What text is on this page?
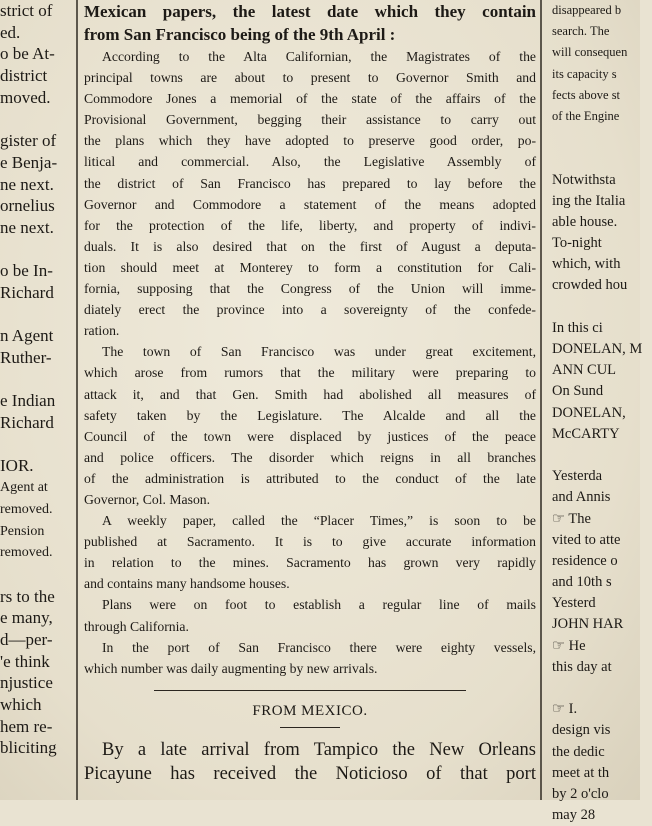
strict of

ed.

o be At-

district

moved.

gister of

e Benja-

ne next.

ornelius

ne next.

o be In-

Richard

n Agent

Ruther-

e Indian

Richard

IOR.

Agent at

removed.

Pension

removed.

rs to the

e many,

d—per-

'e think

njustice

which

hem re-

bliciting

Mexican papers, the latest date which they contain

from San Francisco being of the 9th April :

According to the Alta Californian, the Magistrates of the

principal towns are about to present to Governor Smith and

Commodore Jones a memorial of the state of the affairs of the

Provisional Government, begging their assistance to carry out

the plans which they have adopted to preserve good order, po-

litical and commercial. Also, the Legislative Assembly of

the district of San Francisco has prepared to lay before the

Governor and Commodore a statement of the means adopted

for the protection of the life, liberty, and property of indivi-

duals. It is also desired that on the first of August a deputa-

tion should meet at Monterey to form a constitution for Cali-

fornia, supposing that the Congress of the Union will imme-

diately erect the province into a sovereignty of the confede-

ration.

The town of San Francisco was under great excitement,

which arose from rumors that the military were preparing to

attack it, and that Gen. Smith had abolished all measures of

safety taken by the Legislature. The Alcalde and all the

Council of the town were displaced by justices of the peace

and police officers. The disorder which reigns in all branches

of the administration is attributed to the conduct of the late

Governor, Col. Mason.

A weekly paper, called the “Placer Times,” is soon to be

published at Sacramento. It is to give accurate information

in relation to the mines. Sacramento has grown very rapidly

and contains many handsome houses.

Plans were on foot to establish a regular line of mails

through California.

In the port of San Francisco there were eighty vessels,

which number was daily augmenting by new arrivals.

FROM MEXICO.

By a late arrival from Tampico the New Orleans

Picayune has received the Noticioso of that port

disappeared b

search. The

will consequen

its capacity s

fects above st

of the Engine

Notwithsta

ing the Italia

able house.

To-night

which, with

crowded hou

In this ci

DONELAN, M

ANN CUL

On Sund

DONELAN,

McCARTY

Yesterda

and Annis

☞ The

vited to atte

residence o

and 10th s

Yesterd

JOHN HAR

☞ He

this day at

☞ I.

design vis

the dedic

meet at th

by 2 o'clo

may 28
